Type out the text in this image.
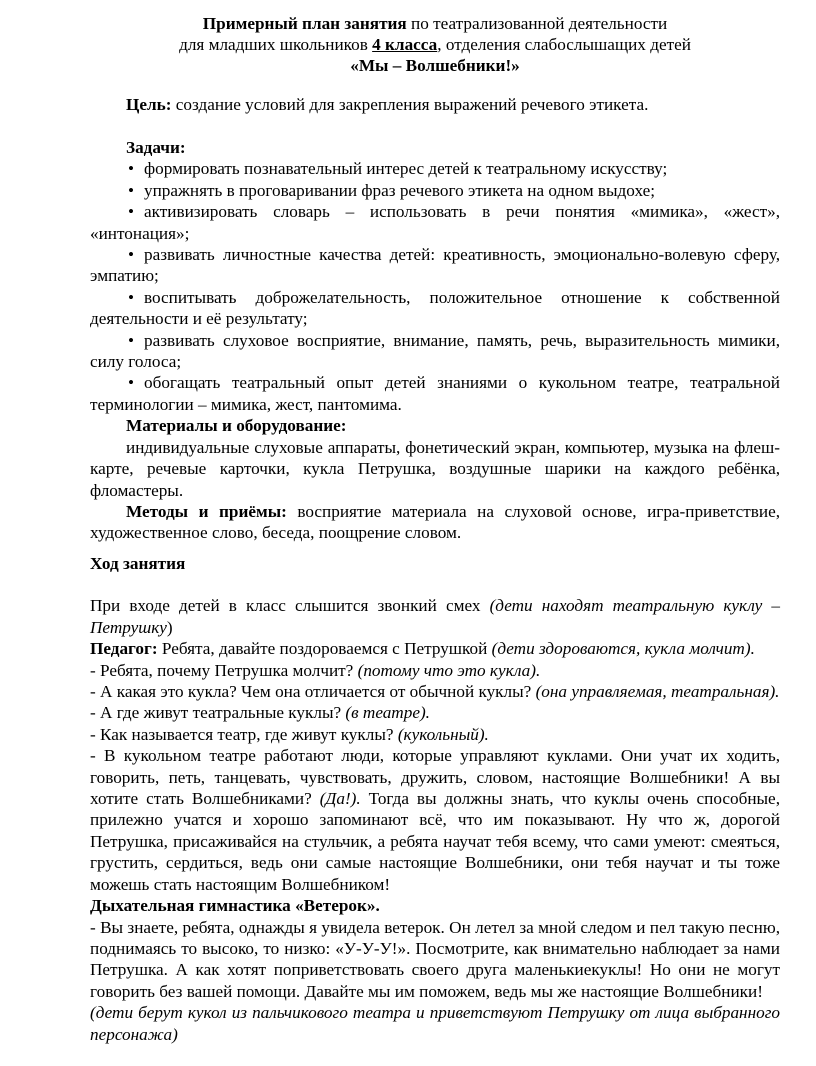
Примерный план занятия по театрализованной деятельности

для младших школьников 4 класса, отделения слабослышащих детей

«Мы – Волшебники!»

Цель: создание условий для закрепления выражений речевого этикета.

Задачи:

• формировать познавательный интерес детей к театральному искусству;

• упражнять в проговаривании фраз речевого этикета на одном выдохе;

• активизировать словарь – использовать в речи понятия «мимика», «жест», «интонация»;

• развивать личностные качества детей: креативность, эмоционально-волевую сферу, эмпатию;

• воспитывать доброжелательность, положительное отношение к собственной деятельности и её результату;

• развивать слуховое восприятие, внимание, память, речь, выразительность мимики, силу голоса;

• обогащать театральный опыт детей знаниями о кукольном театре, театральной терминологии – мимика, жест, пантомима.

Материалы и оборудование:

индивидуальные слуховые аппараты, фонетический экран, компьютер, музыка на флеш-карте, речевые карточки, кукла Петрушка, воздушные шарики на каждого ребёнка, фломастеры.

Методы и приёмы: восприятие материала на слуховой основе, игра-приветствие, художественное слово, беседа, поощрение словом.

Ход занятия

При входе детей в класс слышится звонкий смех (дети находят театральную куклу – Петрушку)

Педагог: Ребята, давайте поздороваемся с Петрушкой (дети здороваются, кукла молчит).

- Ребята, почему Петрушка молчит? (потому что это кукла).

- А какая это кукла? Чем она отличается от обычной куклы? (она управляемая, театральная).

- А где живут театральные куклы? (в театре).

- Как называется театр, где живут куклы? (кукольный).

- В кукольном театре работают люди, которые управляют куклами. Они учат их ходить, говорить, петь, танцевать, чувствовать, дружить, словом, настоящие Волшебники! А вы хотите стать Волшебниками? (Да!). Тогда вы должны знать, что куклы очень способные, прилежно учатся и хорошо запоминают всё, что им показывают. Ну что ж, дорогой Петрушка, присаживайся на стульчик, а ребята научат тебя всему, что сами умеют: смеяться, грустить, сердиться, ведь они самые настоящие Волшебники, они тебя научат и ты тоже можешь стать настоящим Волшебником!

Дыхательная гимнастика «Ветерок».

- Вы знаете, ребята, однажды я увидела ветерок. Он летел за мной следом и пел такую песню, поднимаясь то высоко, то низко: «У-У-У!». Посмотрите, как внимательно наблюдает за нами Петрушка. А как хотят поприветствовать своего друга маленькиекуклы! Но они не могут говорить без вашей помощи. Давайте мы им поможем, ведь мы же настоящие Волшебники!

(дети берут кукол из пальчикового театра и приветствуют Петрушку от лица выбранного персонажа)
